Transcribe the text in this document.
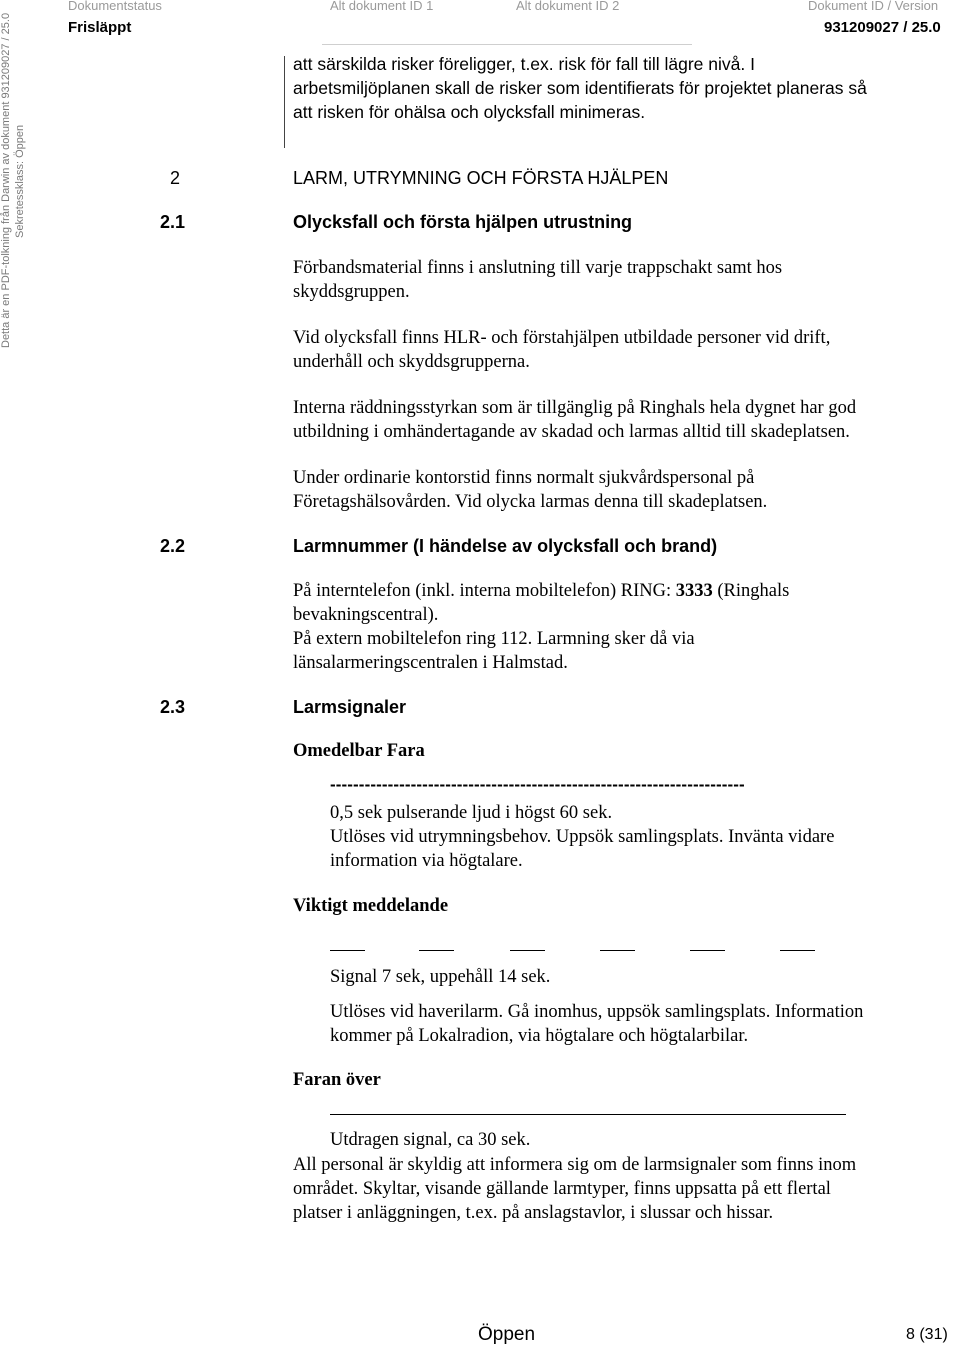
Dokumentstatus	Alt dokument ID 1	Alt dokument ID 2	Dokument ID / Version
Frisläppt	931209027 / 25.0
Detta är en PDF-tolkning från Darwin av dokument 931209027 / 25.0 Sekretessklass: Öppen
att särskilda risker föreligger, t.ex. risk för fall till lägre nivå. I
arbetsmiljöplanen skall de risker som identifierats för projektet planeras så
att risken för ohälsa och olycksfall minimeras.
2	LARM, UTRYMNING OCH FÖRSTA HJÄLPEN
2.1	Olycksfall och första hjälpen utrustning
Förbandsmaterial finns i anslutning till varje trappschakt samt hos
skyddsgruppen.
Vid olycksfall finns HLR- och förstahjälpen utbildade personer vid drift,
underhåll och skyddsgrupperna.
Interna räddningsstyrkan som är tillgänglig på Ringhals hela dygnet har god
utbildning i omhändertagande av skadad och larmas alltid till skadeplatsen.
Under ordinarie kontorstid finns normalt sjukvårdspersonal på
Företagshälsovården. Vid olycka larmas denna till skadeplatsen.
2.2	Larmnummer (I händelse av olycksfall och brand)
På interntelefon (inkl. interna mobiltelefon) RING: 3333 (Ringhals
bevakningscentral).
På extern mobiltelefon ring 112. Larmning sker då via
länsalarmeringscentralen i Halmstad.
2.3	Larmsignaler
Omedelbar Fara
------------------------------------------------------------------------
0,5 sek pulserande ljud i högst 60 sek.
Utlöses vid utrymningsbehov. Uppsök samlingsplats. Invänta vidare
information via högtalare.
Viktigt meddelande
Signal 7 sek, uppehåll 14 sek.
Utlöses vid haverilarm. Gå inomhus, uppsök samlingsplats. Information
kommer på Lokalradion, via högtalare och högtalarbilar.
Faran över
Utdragen signal, ca 30 sek.
All personal är skyldig att informera sig om de larmsignaler som finns inom
området. Skyltar, visande gällande larmtyper, finns uppsatta på ett flertal
platser i anläggningen, t.ex. på anslagstavlor, i slussar och hissar.
Öppen	8 (31)
